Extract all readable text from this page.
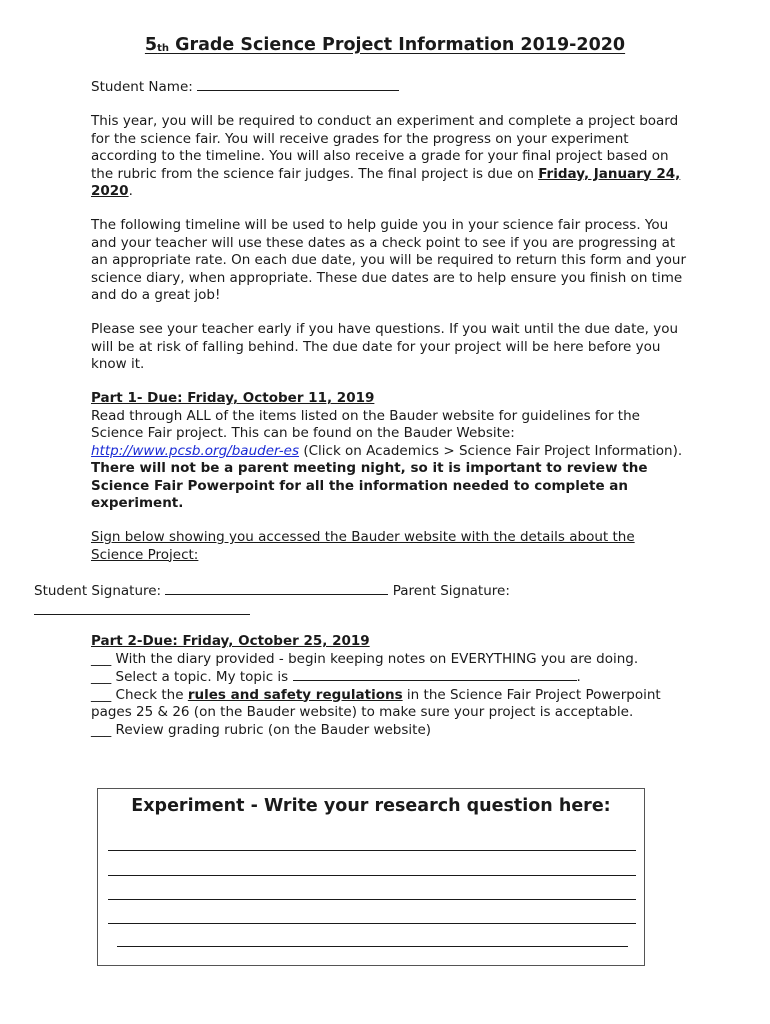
$5_{th}$ Grade Science Project Information 2019-2020
Student Name:
This year, you will be required to conduct an experiment and complete a project board for the science fair. You will receive grades for the progress on your experiment according to the timeline. You will also receive a grade for your final project based on the rubric from the science fair judges. The final project is due on Friday, January 24, 2020.

The following timeline will be used to help guide you in your science fair process. You and your teacher will use these dates as a check point to see if you are progressing at an appropriate rate. On each due date, you will be required to return this form and your science diary, when appropriate. These due dates are to help ensure you finish on time and do a great job!

Please see your teacher early if you have questions. If you wait until the due date, you will be at risk of falling behind. The due date for your project will be here before you know it.

Part 1- Due: Friday, October 11, 2019
Read through ALL of the items listed on the Bauder website for guidelines for the Science Fair project. This can be found on the Bauder Website: http://www.pcsb.org/bauder-es (Click on Academics > Science Fair Project Information). There will not be a parent meeting night, so it is important to review the Science Fair Powerpoint for all the information needed to complete an experiment.

Sign below showing you accessed the Bauder website with the details about the Science Project:

Student Signature:	Parent Signature:
Part 2-Due: Friday, October 25, 2019
___ With the diary provided - begin keeping notes on EVERYTHING you are doing.
___ Select a topic. My topic is	.
___ Check the rules and safety regulations in the Science Fair Project Powerpoint pages 25 & 26 (on the Bauder website) to make sure your project is acceptable.
___ Review grading rubric (on the Bauder website)
Experiment - Write your research question here:
